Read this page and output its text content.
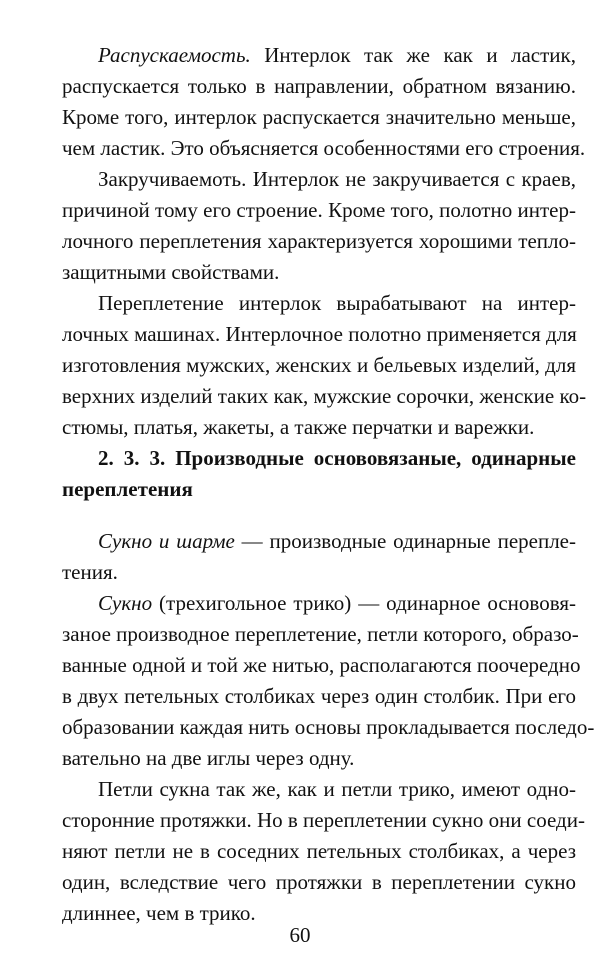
Распускаемость. Интерлок так же как и ластик,
распускается только в направлении, обратном вязанию.
Кроме того, интерлок распускается значительно меньше,
чем ластик. Это объясняется особенностями его строения.
Закручиваемоть. Интерлок не закручивается с краев,
причиной тому его строение. Кроме того, полотно интер-
лочного переплетения характеризуется хорошими тепло-
защитными свойствами.
Переплетение интерлок вырабатывают на интер-
лочных машинах. Интерлочное полотно применяется для
изготовления мужских, женских и бельевых изделий, для
верхних изделий таких как, мужские сорочки, женские ко-
стюмы, платья, жакеты, а также перчатки и варежки.
2. 3. 3. Производные основовязаные, одинарные
переплетения
Сукно и шарме — производные одинарные перепле-
тения.
Сукно (трехигольное трико) — одинарное основовя-
заное производное переплетение, петли которого, образо-
ванные одной и той же нитью, располагаются поочередно
в двух петельных столбиках через один столбик. При его
образовании каждая нить основы прокладывается последо-
вательно на две иглы через одну.
Петли сукна так же, как и петли трико, имеют одно-
сторонние протяжки. Но в переплетении сукно они соеди-
няют петли не в соседних петельных столбиках, а через
один, вследствие чего протяжки в переплетении сукно
длиннее, чем в трико.
60
